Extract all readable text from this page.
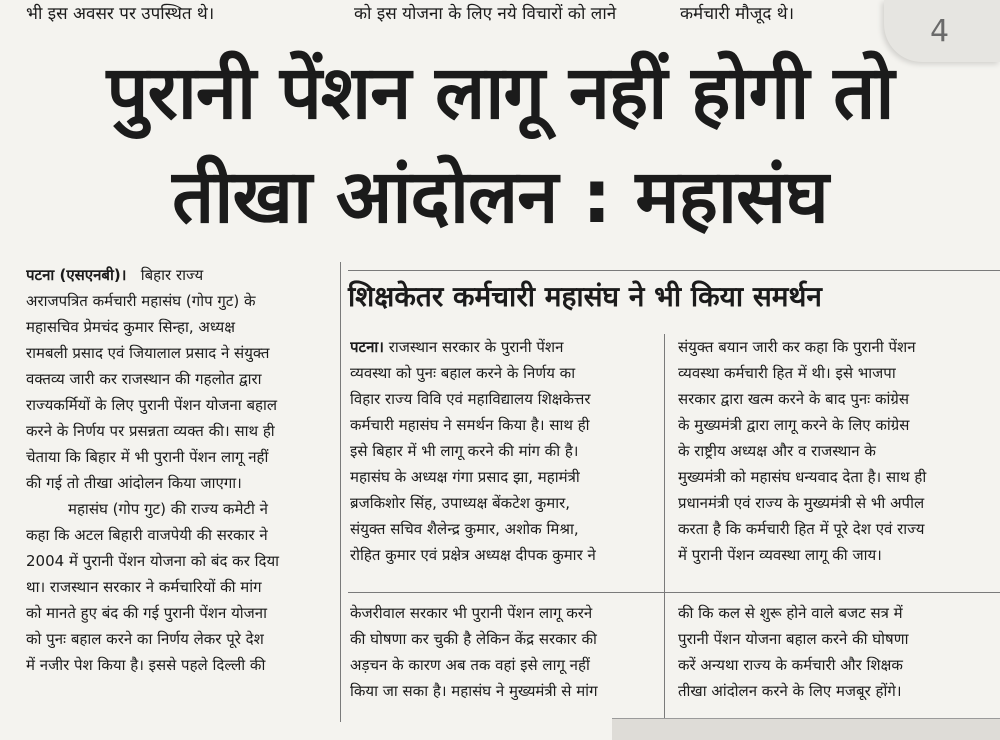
भी इस अवसर पर उपस्थित थे।	को इस योजना के लिए नये विचारों को लाने	कर्मचारी मौजूद थे।	4
पुरानी पेंशन लागू नहीं होगी तो
तीखा आंदोलन : महासंघ

पटना (एसएनबी)। बिहार राज्य

अराजपत्रित कर्मचारी महासंघ (गोप गुट) के

महासचिव प्रेमचंद कुमार सिन्हा, अध्यक्ष

रामबली प्रसाद एवं जियालाल प्रसाद ने संयुक्त

वक्तव्य जारी कर राजस्थान की गहलोत द्वारा

राज्यकर्मियों के लिए पुरानी पेंशन योजना बहाल

करने के निर्णय पर प्रसन्नता व्यक्त की। साथ ही

चेताया कि बिहार में भी पुरानी पेंशन लागू नहीं

की गई तो तीखा आंदोलन किया जाएगा।

महासंघ (गोप गुट) की राज्य कमेटी ने

कहा कि अटल बिहारी वाजपेयी की सरकार ने

2004 में पुरानी पेंशन योजना को बंद कर दिया

था। राजस्थान सरकार ने कर्मचारियों की मांग

को मानते हुए बंद की गई पुरानी पेंशन योजना

को पुनः बहाल करने का निर्णय लेकर पूरे देश

में नजीर पेश किया है। इससे पहले दिल्ली की

शिक्षकेतर कर्मचारी महासंघ ने भी किया समर्थन

पटना। राजस्थान सरकार के पुरानी पेंशन

व्यवस्था को पुनः बहाल करने के निर्णय का

विहार राज्य विवि एवं महाविद्यालय शिक्षकेत्तर

कर्मचारी महासंघ ने समर्थन किया है। साथ ही

इसे बिहार में भी लागू करने की मांग की है।

महासंघ के अध्यक्ष गंगा प्रसाद झा, महामंत्री

ब्रजकिशोर सिंह, उपाध्यक्ष बेंकटेश कुमार,

संयुक्त सचिव शैलेन्द्र कुमार, अशोक मिश्रा,

रोहित कुमार एवं प्रक्षेत्र अध्यक्ष दीपक कुमार ने

संयुक्त बयान जारी कर कहा कि पुरानी पेंशन

व्यवस्था कर्मचारी हित में थी। इसे भाजपा

सरकार द्वारा खत्म करने के बाद पुनः कांग्रेस

के मुख्यमंत्री द्वारा लागू करने के लिए कांग्रेस

के राष्ट्रीय अध्यक्ष और व राजस्थान के

मुख्यमंत्री को महासंघ धन्यवाद देता है। साथ ही

प्रधानमंत्री एवं राज्य के मुख्यमंत्री से भी अपील

करता है कि कर्मचारी हित में पूरे देश एवं राज्य

में पुरानी पेंशन व्यवस्था लागू की जाय।

केजरीवाल सरकार भी पुरानी पेंशन लागू करने

की घोषणा कर चुकी है लेकिन केंद्र सरकार की

अड़चन के कारण अब तक वहां इसे लागू नहीं

किया जा सका है। महासंघ ने मुख्यमंत्री से मांग

की कि कल से शुरू होने वाले बजट सत्र में

पुरानी पेंशन योजना बहाल करने की घोषणा

करें अन्यथा राज्य के कर्मचारी और शिक्षक

तीखा आंदोलन करने के लिए मजबूर होंगे।
